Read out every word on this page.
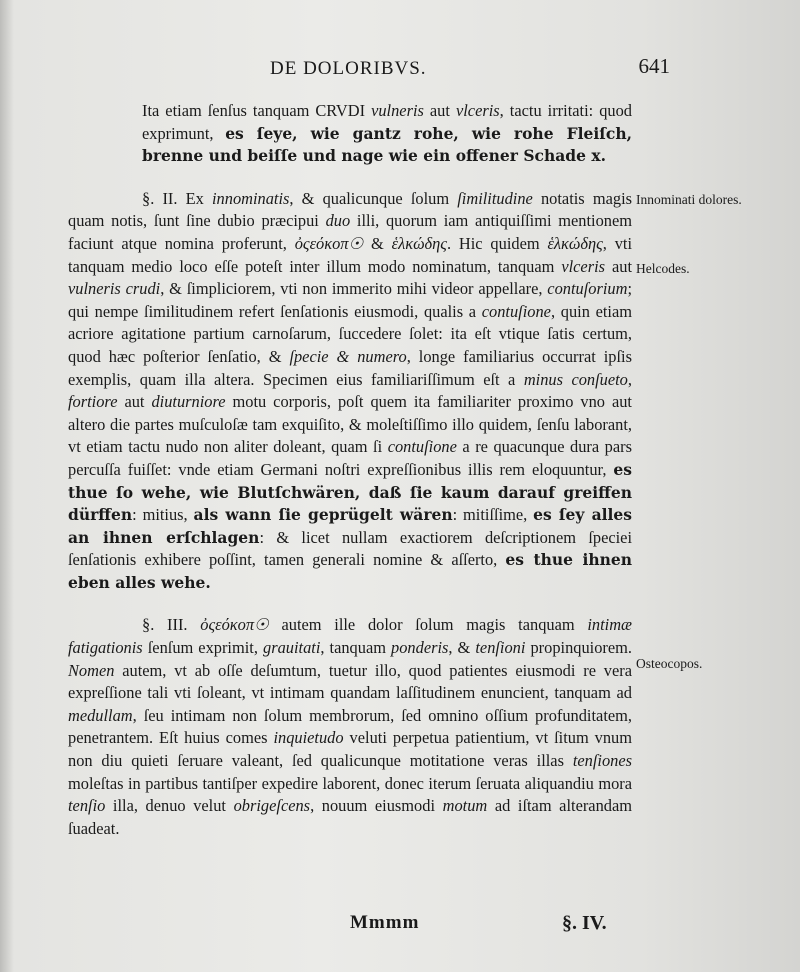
DE DOLORIBVS.	641

Ita etiam ſenſus tanquam CRVDI vulneris aut vlceris, tactu irritati: quod exprimunt, es ſeye, wie gantz rohe, wie rohe Fleiſch, brenne und beiſſe und nage wie ein offener Schade x.

§. II. Ex innominatis, & qualicunque ſolum ſimilitudine notatis magis quam notis, ſunt ſine dubio præcipui duo illi, quorum iam antiquiſſimi mentionem faciunt atque nomina proferunt, ὀςεόκοπ☉ & ἑλκώδης. Hic quidem ἑλκώδης, vti tanquam medio loco eſſe poteſt inter illum modo nominatum, tanquam vlceris aut vulneris crudi, & ſimpliciorem, vti non immerito mihi videor appellare, contuſorium; qui nempe ſimilitudinem refert ſenſationis eiusmodi, qualis a contuſione, quin etiam acriore agitatione partium carnoſarum, ſuccedere ſolet: ita eſt vtique ſatis certum, quod hæc poſterior ſenſatio, & ſpecie & numero, longe familiarius occurrat ipſis exemplis, quam illa altera. Specimen eius familiariſſimum eſt a minus conſueto, fortiore aut diuturniore motu corporis, poſt quem ita familiariter proximo vno aut altero die partes muſculoſæ tam exquiſito, & moleſtiſſimo illo quidem, ſenſu laborant, vt etiam tactu nudo non aliter doleant, quam ſi contuſione a re quacunque dura pars percuſſa fuiſſet: vnde etiam Germani noſtri expreſſionibus illis rem eloquuntur, es thue ſo wehe, wie Blutſchwären, daß ſie kaum darauf greiffen dürffen: mitius, als wann ſie geprügelt wären: mitiſſime, es ſey alles an ihnen erſchlagen: & licet nullam exactiorem deſcriptionem ſpeciei ſenſationis exhibere poſſint, tamen generali nomine & aſſerto, es thue ihnen eben alles wehe.

§. III. ὀςεόκοπ☉ autem ille dolor ſolum magis tanquam intimæ fatigationis ſenſum exprimit, grauitati, tanquam ponderis, & tenſioni propinquiorem. Nomen autem, vt ab oſſe deſumtum, tuetur illo, quod patientes eiusmodi re vera expreſſione tali vti ſoleant, vt intimam quandam laſſitudinem enuncient, tanquam ad medullam, ſeu intimam non ſolum membrorum, ſed omnino oſſium profunditatem, penetrantem. Eſt huius comes inquietudo veluti perpetua patientium, vt ſitum vnum non diu quieti ſeruare valeant, ſed qualicunque motitatione veras illas tenſiones moleſtas in partibus tantiſper expedire laborent, donec iterum ſeruata aliquandiu mora tenſio illa, denuo velut obrigeſcens, nouum eiusmodi motum ad iſtam alterandam ſuadeat.

Innominati dolores.
Helcodes.
Osteocopos.
Mmmm	§. IV.
